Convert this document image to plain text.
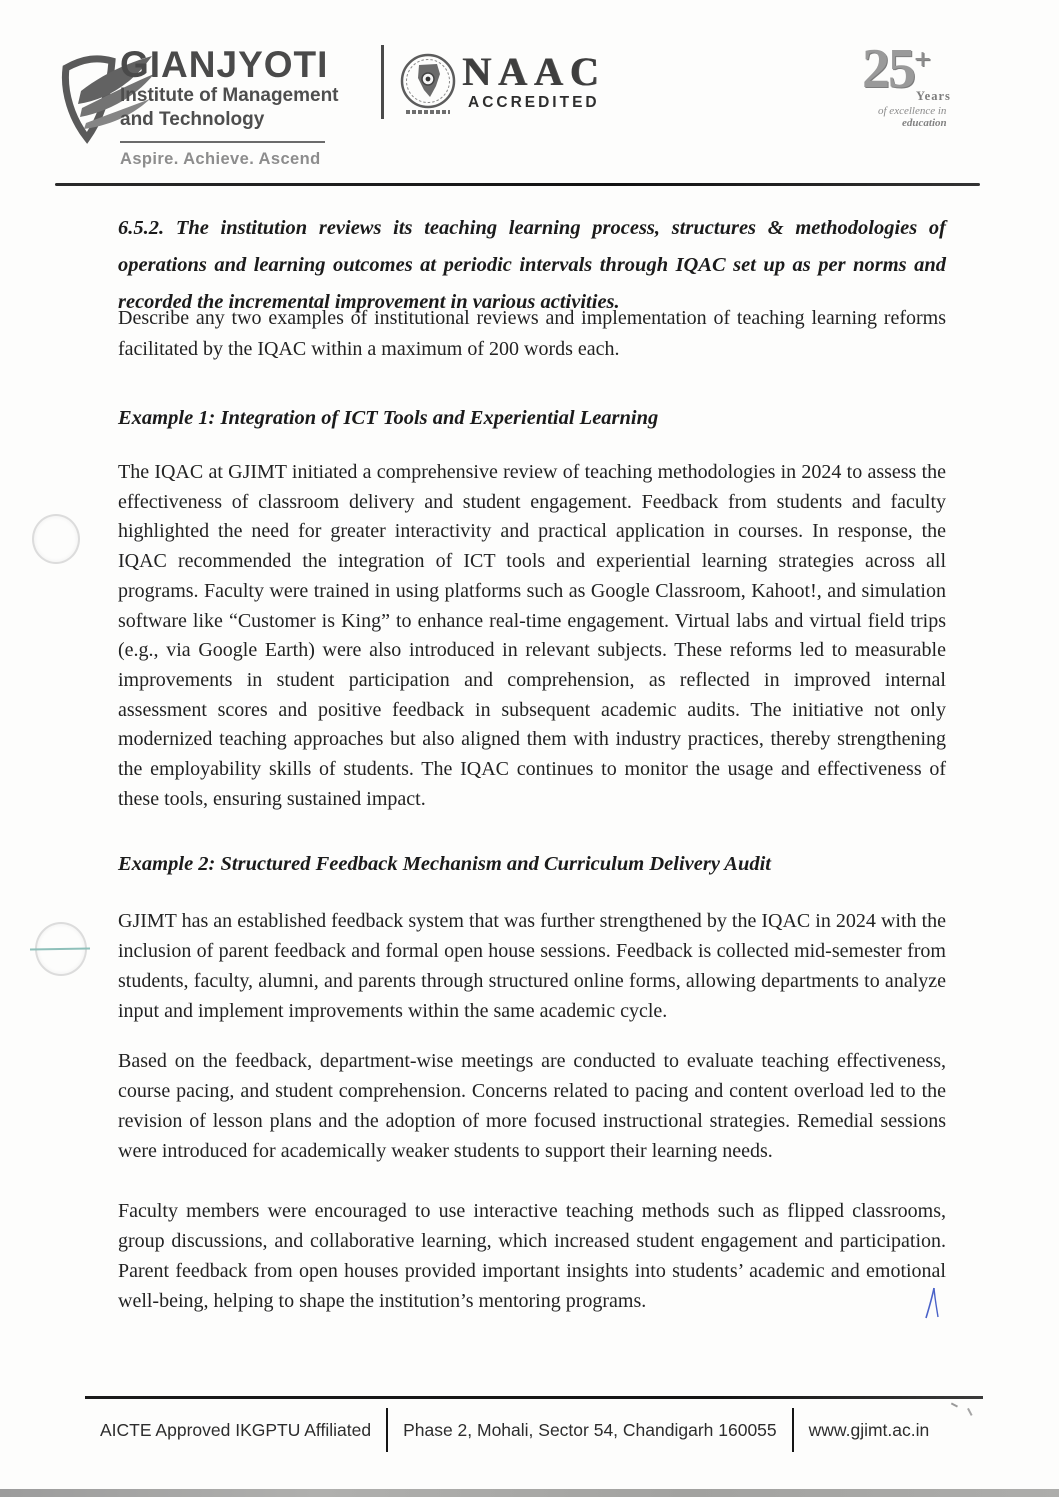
GIANJYOTI
Institute of Management
and Technology
Aspire. Achieve. Ascend
NAAC
ACCREDITED
25+
Years
of excellence in
education

6.5.2. The institution reviews its teaching learning process, structures & methodologies of operations and learning outcomes at periodic intervals through IQAC set up as per norms and recorded the incremental improvement in various activities.

Describe any two examples of institutional reviews and implementation of teaching learning reforms facilitated by the IQAC within a maximum of 200 words each.

Example 1: Integration of ICT Tools and Experiential Learning

The IQAC at GJIMT initiated a comprehensive review of teaching methodologies in 2024 to assess the effectiveness of classroom delivery and student engagement. Feedback from students and faculty highlighted the need for greater interactivity and practical application in courses. In response, the IQAC recommended the integration of ICT tools and experiential learning strategies across all programs. Faculty were trained in using platforms such as Google Classroom, Kahoot!, and simulation software like “Customer is King” to enhance real-time engagement. Virtual labs and virtual field trips (e.g., via Google Earth) were also introduced in relevant subjects. These reforms led to measurable improvements in student participation and comprehension, as reflected in improved internal assessment scores and positive feedback in subsequent academic audits. The initiative not only modernized teaching approaches but also aligned them with industry practices, thereby strengthening the employability skills of students. The IQAC continues to monitor the usage and effectiveness of these tools, ensuring sustained impact.

Example 2: Structured Feedback Mechanism and Curriculum Delivery Audit

GJIMT has an established feedback system that was further strengthened by the IQAC in 2024 with the inclusion of parent feedback and formal open house sessions. Feedback is collected mid-semester from students, faculty, alumni, and parents through structured online forms, allowing departments to analyze input and implement improvements within the same academic cycle.

Based on the feedback, department-wise meetings are conducted to evaluate teaching effectiveness, course pacing, and student comprehension. Concerns related to pacing and content overload led to the revision of lesson plans and the adoption of more focused instructional strategies. Remedial sessions were introduced for academically weaker students to support their learning needs.

Faculty members were encouraged to use interactive teaching methods such as flipped classrooms, group discussions, and collaborative learning, which increased student engagement and participation. Parent feedback from open houses provided important insights into students’ academic and emotional well-being, helping to shape the institution’s mentoring programs.

AICTE Approved IKGPTU Affiliated Phase 2, Mohali, Sector 54, Chandigarh 160055 www.gjimt.ac.in
